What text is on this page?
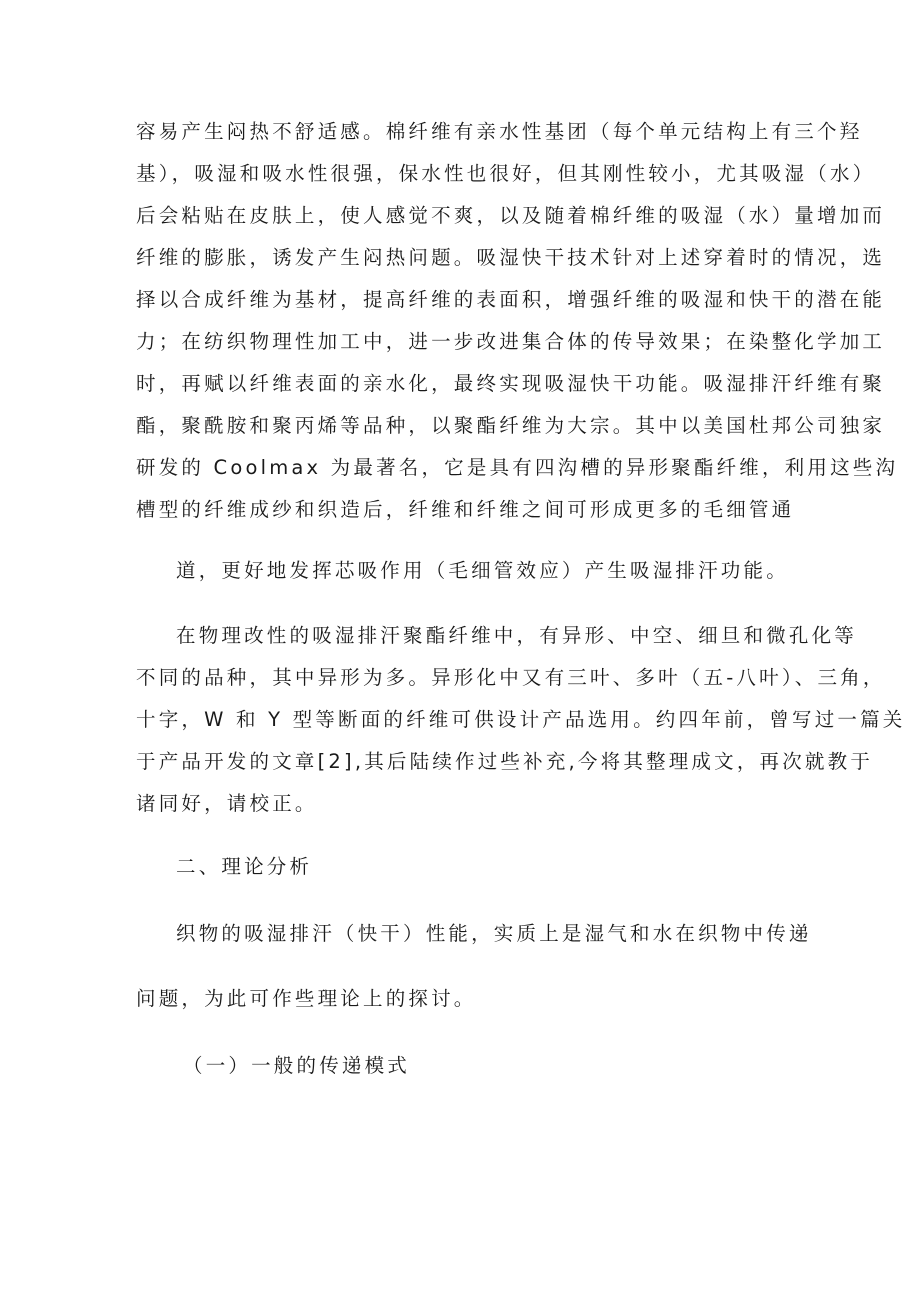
容易产生闷热不舒适感。棉纤维有亲水性基团（每个单元结构上有三个羟
基），吸湿和吸水性很强，保水性也很好，但其刚性较小，尤其吸湿（水）
后会粘贴在皮肤上，使人感觉不爽，以及随着棉纤维的吸湿（水）量增加而
纤维的膨胀，诱发产生闷热问题。吸湿快干技术针对上述穿着时的情况，选
择以合成纤维为基材，提高纤维的表面积，增强纤维的吸湿和快干的潜在能
力；在纺织物理性加工中，进一步改进集合体的传导效果；在染整化学加工
时，再赋以纤维表面的亲水化，最终实现吸湿快干功能。吸湿排汗纤维有聚
酯，聚酰胺和聚丙烯等品种，以聚酯纤维为大宗。其中以美国杜邦公司独家
研发的 Coolmax 为最著名，它是具有四沟槽的异形聚酯纤维，利用这些沟
槽型的纤维成纱和织造后，纤维和纤维之间可形成更多的毛细管通
道，更好地发挥芯吸作用（毛细管效应）产生吸湿排汗功能。
在物理改性的吸湿排汗聚酯纤维中，有异形、中空、细旦和微孔化等
不同的品种，其中异形为多。异形化中又有三叶、多叶（五-八叶）、三角，
十字，W 和 Y 型等断面的纤维可供设计产品选用。约四年前，曾写过一篇关
于产品开发的文章[2],其后陆续作过些补充,今将其整理成文，再次就教于
诸同好，请校正。
二、理论分析
织物的吸湿排汗（快干）性能，实质上是湿气和水在织物中传递
问题，为此可作些理论上的探讨。
（一）一般的传递模式
